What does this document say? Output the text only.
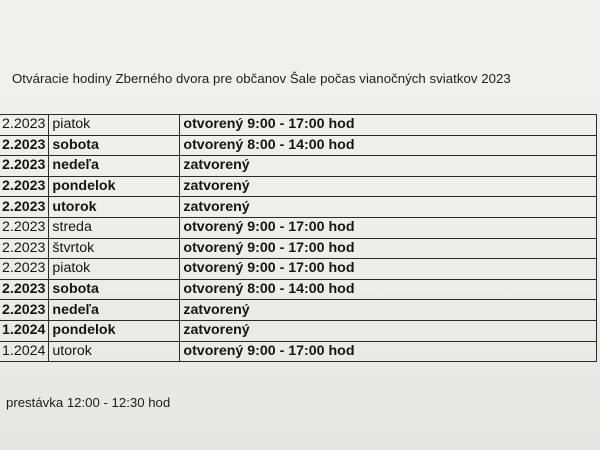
Otváracie hodiny Zberného dvora pre občanov Šale počas vianočných sviatkov 2023
2.2023	piatok	otvorený 9:00 - 17:00 hod
2.2023	sobota	otvorený 8:00 - 14:00 hod
2.2023	nedeľa	zatvorený
2.2023	pondelok	zatvorený
2.2023	utorok	zatvorený
2.2023	streda	otvorený 9:00 - 17:00 hod
2.2023	štvrtok	otvorený 9:00 - 17:00 hod
2.2023	piatok	otvorený 9:00 - 17:00 hod
2.2023	sobota	otvorený 8:00 - 14:00 hod
2.2023	nedeľa	zatvorený
1.2024	pondelok	zatvorený
1.2024	utorok	otvorený 9:00 - 17:00 hod
prestávka 12:00 - 12:30 hod
